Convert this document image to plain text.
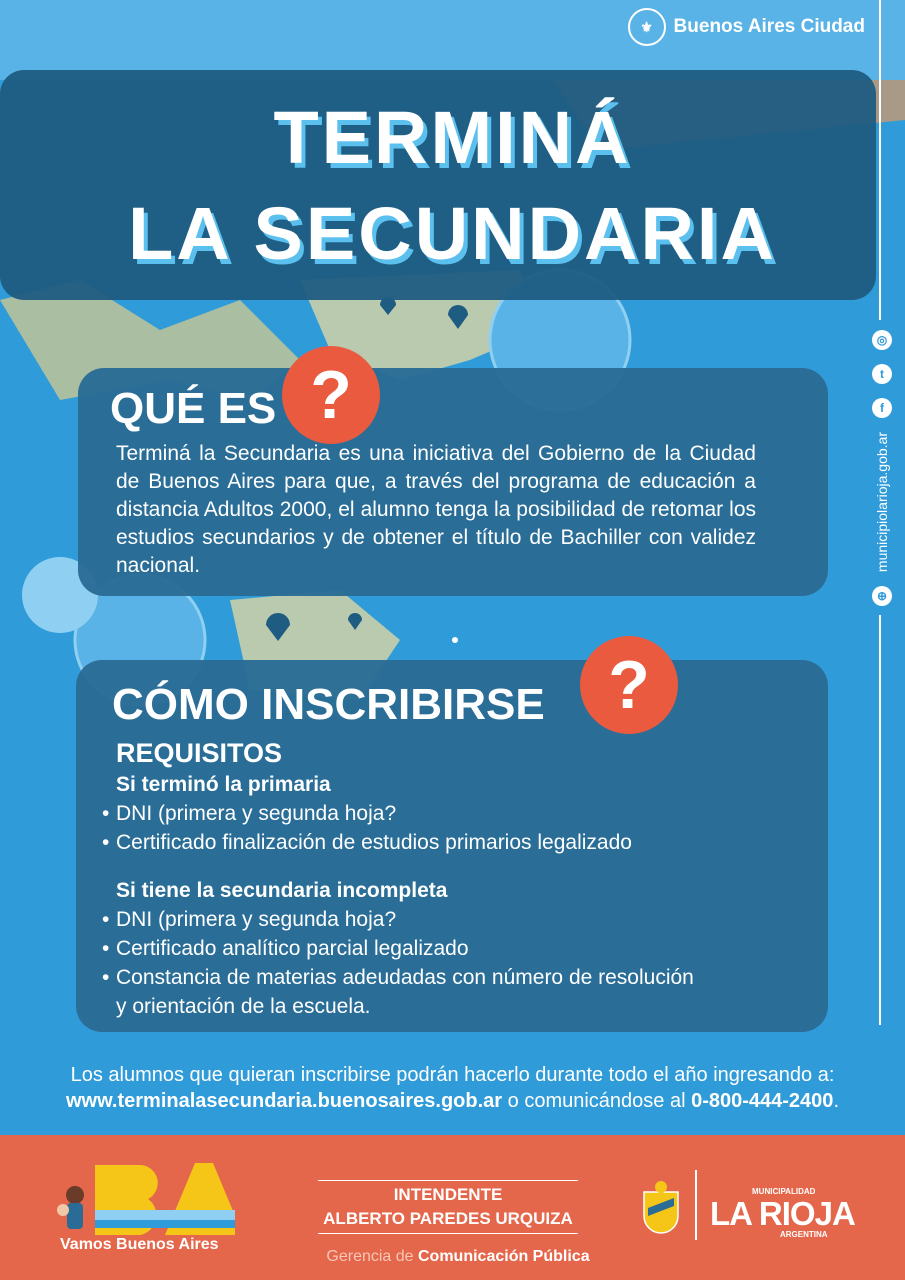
⚜	Buenos Aires Ciudad
TERMINÁ
LA SECUNDARIA
QUÉ ES ?
Terminá la Secundaria es una iniciativa del Gobierno de la Ciudad de Buenos Aires para que, a través del programa de educación a distancia Adultos 2000, el alumno tenga la posibilidad de retomar los estudios secundarios y de obtener el título de Bachiller con validez nacional.
CÓMO INSCRIBIRSE ?
REQUISITOS
Si terminó la primaria
• DNI (primera y segunda hoja?
• Certificado finalización de estudios primarios legalizado
Si tiene la secundaria incompleta
• DNI (primera y segunda hoja?
• Certificado analítico parcial legalizado
• Constancia de materias adeudadas con número de resolución
y orientación de la escuela.
◎
t
f
municipiolarioja.gob.ar
⊕
Los alumnos que quieran inscribirse podrán hacerlo durante todo el año ingresando a:
www.terminalasecundaria.buenosaires.gob.ar o comunicándose al 0-800-444-2400.
Vamos Buenos Aires
INTENDENTE
ALBERTO PAREDES URQUIZA
Gerencia de Comunicación Pública
MUNICIPALIDAD
LA RIOJA
ARGENTINA
